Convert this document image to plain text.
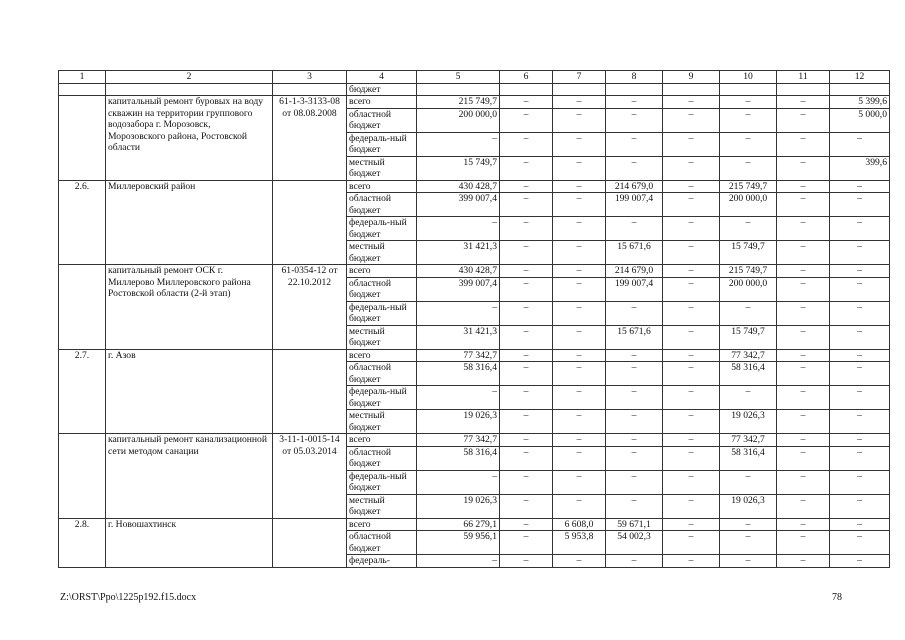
1	2	3	4	5	6	7	8	9	10	11	12
			бюджет								
	капитальный ремонт буровых на воду скважин на территории группового водозабора г. Морозовск, Морозовского района, Ростовской области	61-1-3-3133-08 от 08.08.2008	всего	215 749,7	–	–	–	–	–	–	5 399,6
			областной бюджет	200 000,0	–	–	–	–	–	–	5 000,0
			федераль-ный бюджет	–	–	–	–	–	–	–	–
			местный бюджет	15 749,7	–	–	–	–	–	–	399,6
2.6.	Миллеровский район		всего	430 428,7	–	–	214 679,0	–	215 749,7	–	–
			областной бюджет	399 007,4	–	–	199 007,4	–	200 000,0	–	–
			федераль-ный бюджет	–	–	–	–	–	–	–	–
			местный бюджет	31 421,3	–	–	15 671,6	–	15 749,7	–	–
	капитальный ремонт ОСК г. Миллерово Миллеровского района Ростовской области (2-й этап)	61-0354-12 от 22.10.2012	всего	430 428,7	–	–	214 679,0	–	215 749,7	–	–
			областной бюджет	399 007,4	–	–	199 007,4	–	200 000,0	–	–
			федераль-ный бюджет	–	–	–	–	–	–	–	–
			местный бюджет	31 421,3	–	–	15 671,6	–	15 749,7	–	–
2.7.	г. Азов		всего	77 342,7	–	–	–	–	77 342,7	–	–
			областной бюджет	58 316,4	–	–	–	–	58 316,4	–	–
			федераль-ный бюджет	–	–	–	–	–	–	–	–
			местный бюджет	19 026,3	–	–	–	–	19 026,3	–	–
	капитальный ремонт канализационной сети методом санации	3-11-1-0015-14 от 05.03.2014	всего	77 342,7	–	–	–	–	77 342,7	–	–
			областной бюджет	58 316,4	–	–	–	–	58 316,4	–	–
			федераль-ный бюджет	–	–	–	–	–	–	–	–
			местный бюджет	19 026,3	–	–	–	–	19 026,3	–	–
2.8.	г. Новошахтинск		всего	66 279,1	–	6 608,0	59 671,1	–	–	–	–
			областной бюджет	59 956,1	–	5 953,8	54 002,3	–	–	–	–
			федераль-	–	–	–	–	–	–	–	–
Z:\ORST\Ppo\1225p192.f15.docx	78
